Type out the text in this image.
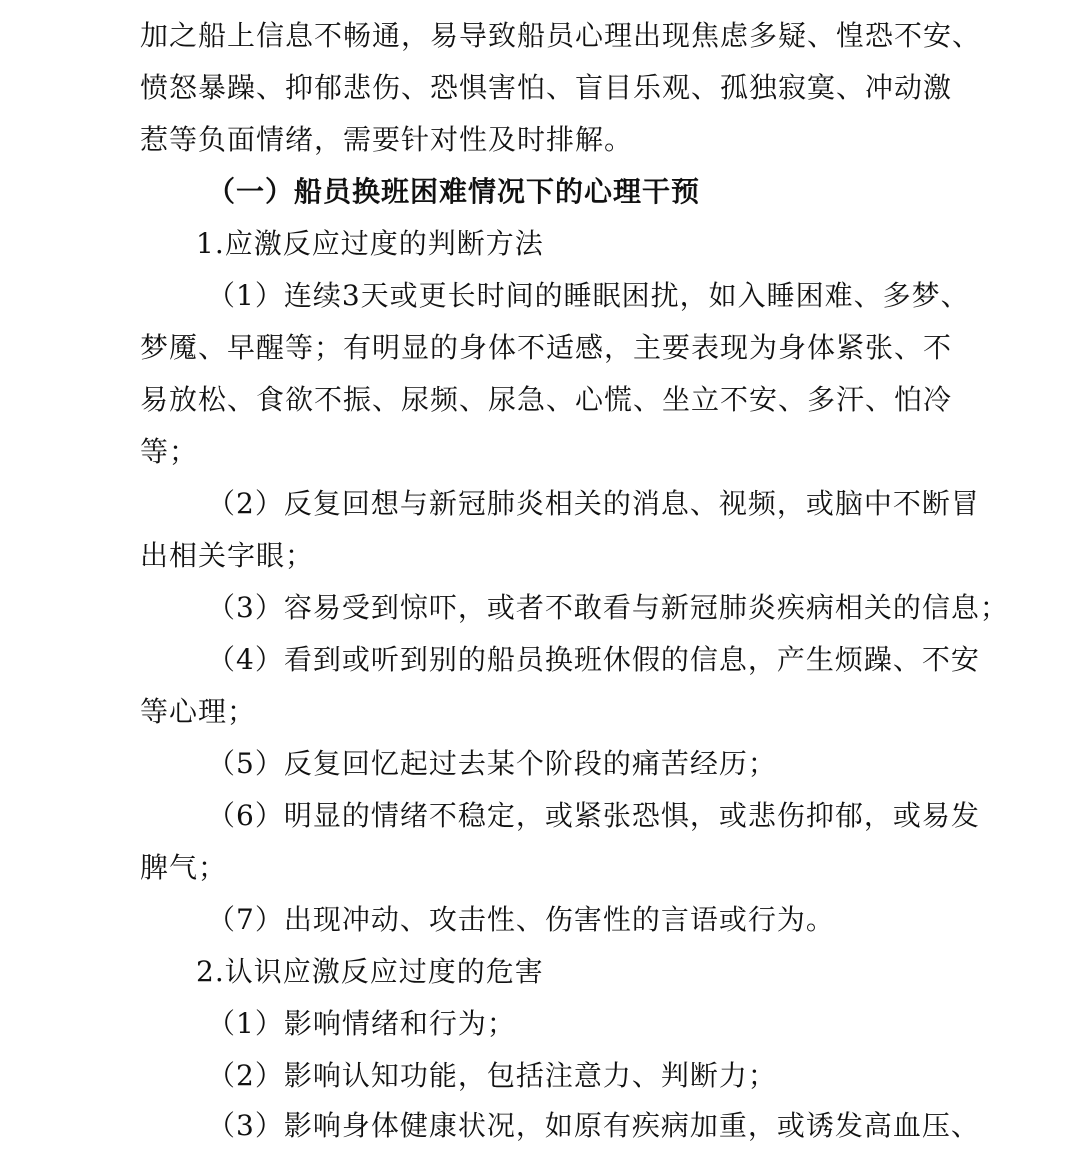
加之船上信息不畅通，易导致船员心理出现焦虑多疑、惶恐不安、
愤怒暴躁、抑郁悲伤、恐惧害怕、盲目乐观、孤独寂寞、冲动激
惹等负面情绪，需要针对性及时排解。
（一）船员换班困难情况下的心理干预
1.应激反应过度的判断方法
（1）连续3天或更长时间的睡眠困扰，如入睡困难、多梦、
梦魇、早醒等；有明显的身体不适感，主要表现为身体紧张、不
易放松、食欲不振、尿频、尿急、心慌、坐立不安、多汗、怕冷
等；
（2）反复回想与新冠肺炎相关的消息、视频，或脑中不断冒
出相关字眼；
（3）容易受到惊吓，或者不敢看与新冠肺炎疾病相关的信息；
（4）看到或听到别的船员换班休假的信息，产生烦躁、不安
等心理；
（5）反复回忆起过去某个阶段的痛苦经历；
（6）明显的情绪不稳定，或紧张恐惧，或悲伤抑郁，或易发
脾气；
（7）出现冲动、攻击性、伤害性的言语或行为。
2.认识应激反应过度的危害
（1）影响情绪和行为；
（2）影响认知功能，包括注意力、判断力；
（3）影响身体健康状况，如原有疾病加重，或诱发高血压、
